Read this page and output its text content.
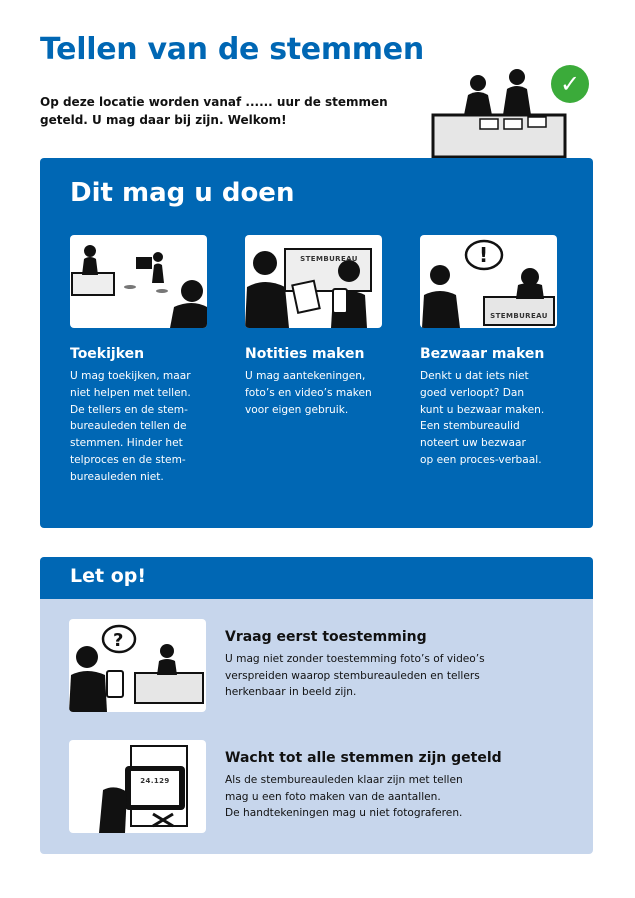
Tellen van de stemmen
Op deze locatie worden vanaf ...... uur de stemmen geteld. U mag daar bij zijn. Welkom!
✓
Dit mag u doen
Toekijken

U mag toekijken, maar
niet helpen met tellen.
De tellers en de stem-
bureauleden tellen de
stemmen. Hinder het
telproces en de stem-
bureauleden niet.

STEMBUREAU
Notities maken

U mag aantekeningen,
foto’s en video’s maken
voor eigen gebruik.

!
STEMBUREAU
Bezwaar maken

Denkt u dat iets niet
goed verloopt? Dan
kunt u bezwaar maken.
Een stembureaulid
noteert uw bezwaar
op een proces-verbaal.

Let op!
?	Vraag eerst toestemming

U mag niet zonder toestemming foto’s of video’s
verspreiden waarop stembureauleden en tellers
herkenbaar in beeld zijn.

24.129
Wacht tot alle stemmen zijn geteld

Als de stembureauleden klaar zijn met tellen
mag u een foto maken van de aantallen.
De handtekeningen mag u niet fotograferen.
